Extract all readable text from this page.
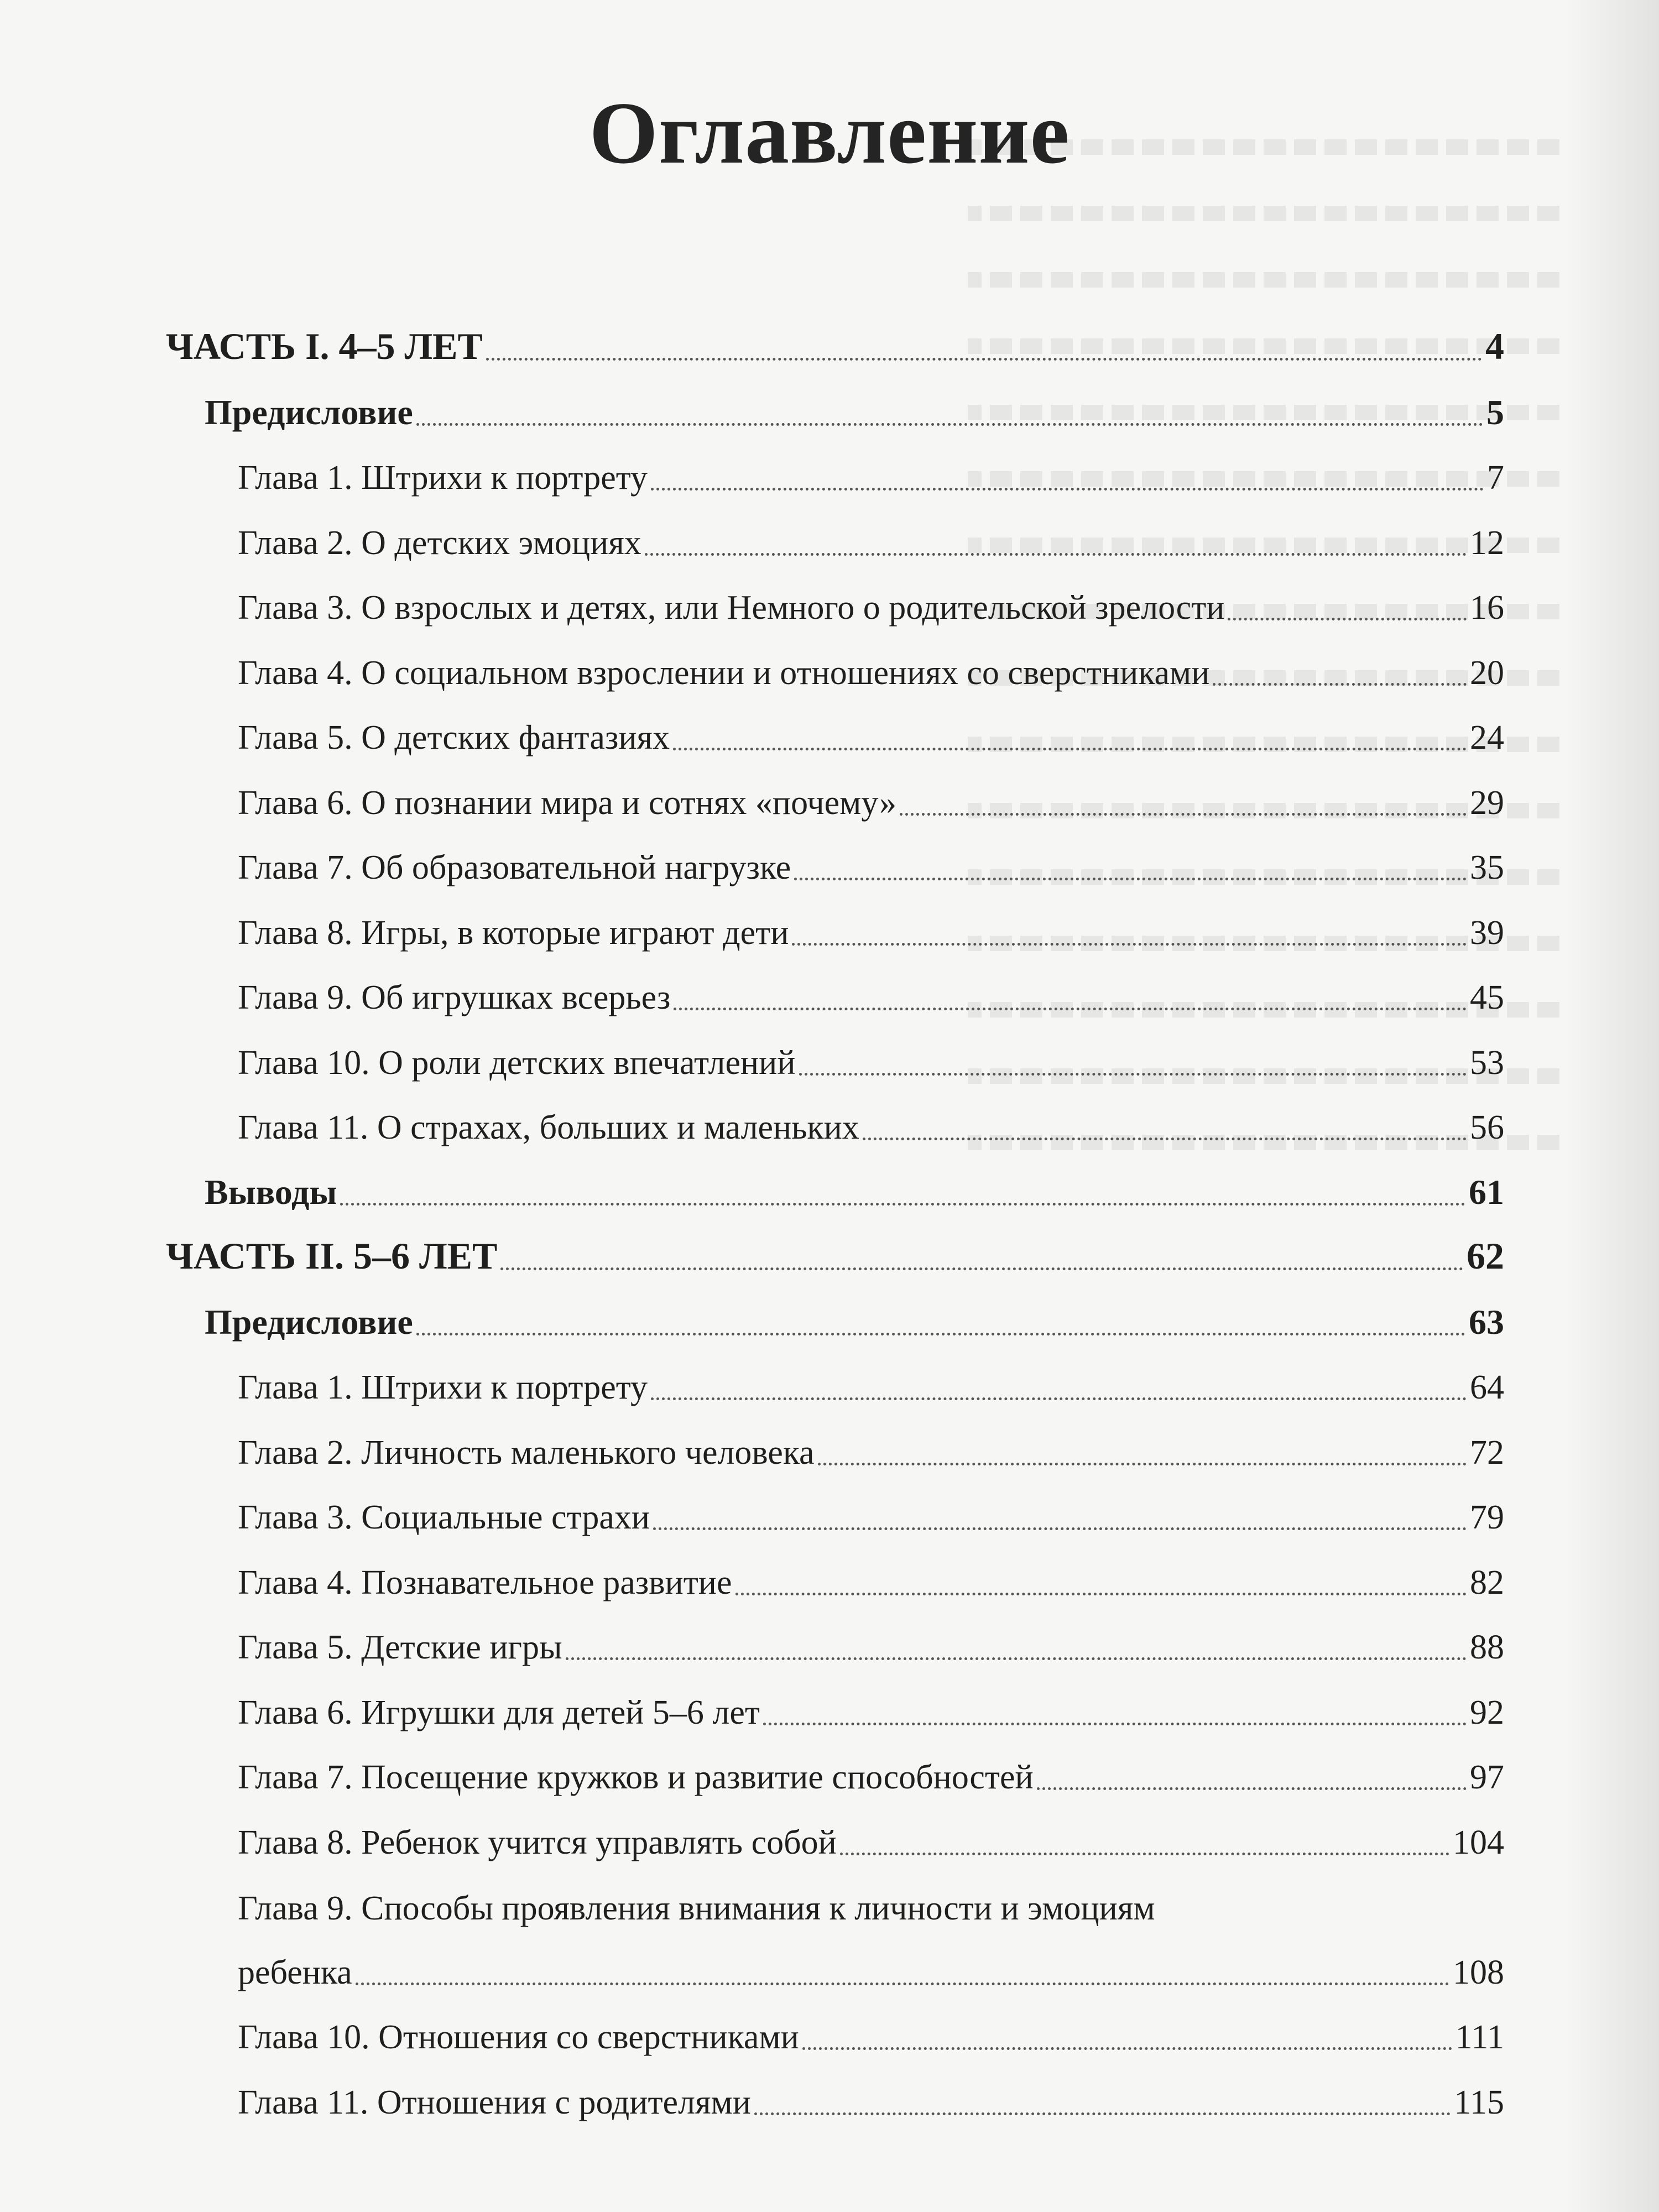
Оглавление
ЧАСТЬ I. 4–5 ЛЕТ	4
Предисловие	5
Глава 1. Штрихи к портрету	7
Глава 2. О детских эмоциях	12
Глава 3. О взрослых и детях, или Немного о родительской зрелости	16
Глава 4. О социальном взрослении и отношениях со сверстниками	20
Глава 5. О детских фантазиях	24
Глава 6. О познании мира и сотнях «почему»	29
Глава 7. Об образовательной нагрузке	35
Глава 8. Игры, в которые играют дети	39
Глава 9. Об игрушках всерьез	45
Глава 10. О роли детских впечатлений	53
Глава 11. О страхах, больших и маленьких	56
Выводы	61
ЧАСТЬ II. 5–6 ЛЕТ	62
Предисловие	63
Глава 1. Штрихи к портрету	64
Глава 2. Личность маленького человека	72
Глава 3. Социальные страхи	79
Глава 4. Познавательное развитие	82
Глава 5. Детские игры	88
Глава 6. Игрушки для детей 5–6 лет	92
Глава 7. Посещение кружков и развитие способностей	97
Глава 8. Ребенок учится управлять собой	104
Глава 9. Способы проявления внимания к личности и эмоциям
ребенка	108
Глава 10. Отношения со сверстниками	111
Глава 11. Отношения с родителями	115
